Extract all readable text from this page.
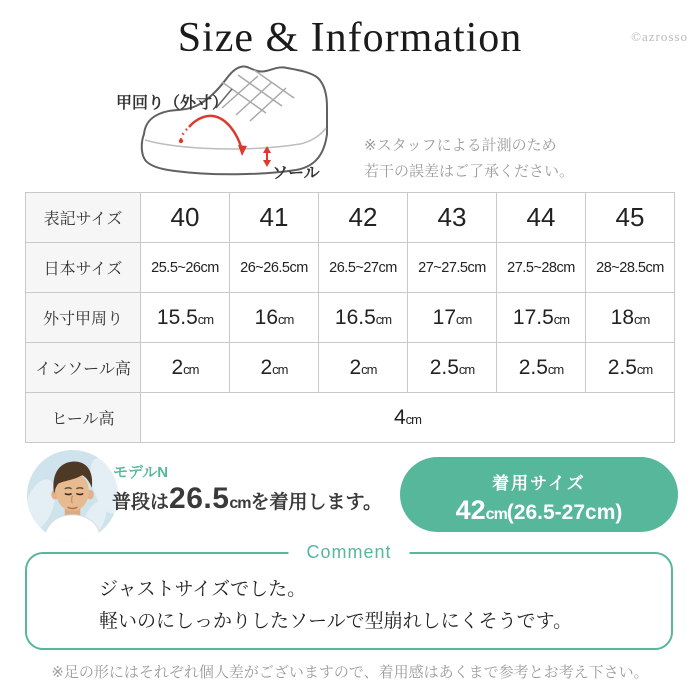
Size & Information	©azrosso
甲回り（外寸）
ソール
※スタッフによる計測のため
若干の誤差はご了承ください。
表記サイズ	40	41	42	43	44	45
日本サイズ	25.5~26cm	26~26.5cm	26.5~27cm	27~27.5cm	27.5~28cm	28~28.5cm
外寸甲周り	15.5cm	16cm	16.5cm	17cm	17.5cm	18cm
インソール高	2cm	2cm	2cm	2.5cm	2.5cm	2.5cm
ヒール高	4cm					
モデルN
普段は26.5cmを着用します。
着用サイズ
42cm(26.5-27cm)
Comment
ジャストサイズでした。
軽いのにしっかりしたソールで型崩れしにくそうです。
※足の形にはそれぞれ個人差がございますので、着用感はあくまで参考とお考え下さい。
